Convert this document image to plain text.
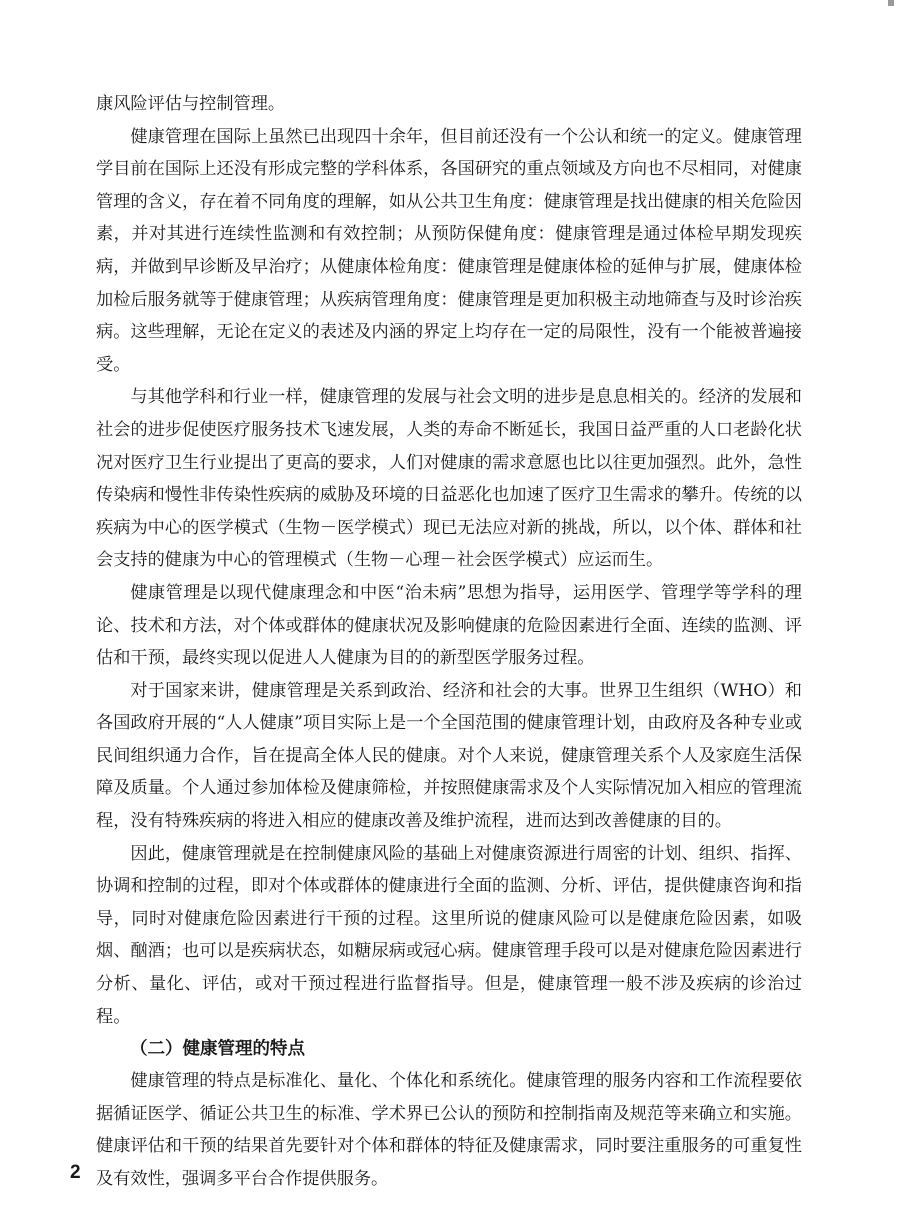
康风险评估与控制管理。

健康管理在国际上虽然已出现四十余年，但目前还没有一个公认和统一的定义。健康管理学目前在国际上还没有形成完整的学科体系，各国研究的重点领域及方向也不尽相同，对健康管理的含义，存在着不同角度的理解，如从公共卫生角度：健康管理是找出健康的相关危险因素，并对其进行连续性监测和有效控制；从预防保健角度：健康管理是通过体检早期发现疾病，并做到早诊断及早治疗；从健康体检角度：健康管理是健康体检的延伸与扩展，健康体检加检后服务就等于健康管理；从疾病管理角度：健康管理是更加积极主动地筛查与及时诊治疾病。这些理解，无论在定义的表述及内涵的界定上均存在一定的局限性，没有一个能被普遍接受。

与其他学科和行业一样，健康管理的发展与社会文明的进步是息息相关的。经济的发展和社会的进步促使医疗服务技术飞速发展，人类的寿命不断延长，我国日益严重的人口老龄化状况对医疗卫生行业提出了更高的要求，人们对健康的需求意愿也比以往更加强烈。此外，急性传染病和慢性非传染性疾病的威胁及环境的日益恶化也加速了医疗卫生需求的攀升。传统的以疾病为中心的医学模式（生物－医学模式）现已无法应对新的挑战，所以，以个体、群体和社会支持的健康为中心的管理模式（生物－心理－社会医学模式）应运而生。

健康管理是以现代健康理念和中医“治未病”思想为指导，运用医学、管理学等学科的理论、技术和方法，对个体或群体的健康状况及影响健康的危险因素进行全面、连续的监测、评估和干预，最终实现以促进人人健康为目的的新型医学服务过程。

对于国家来讲，健康管理是关系到政治、经济和社会的大事。世界卫生组织（WHO）和各国政府开展的“人人健康”项目实际上是一个全国范围的健康管理计划，由政府及各种专业或民间组织通力合作，旨在提高全体人民的健康。对个人来说，健康管理关系个人及家庭生活保障及质量。个人通过参加体检及健康筛检，并按照健康需求及个人实际情况加入相应的管理流程，没有特殊疾病的将进入相应的健康改善及维护流程，进而达到改善健康的目的。

因此，健康管理就是在控制健康风险的基础上对健康资源进行周密的计划、组织、指挥、协调和控制的过程，即对个体或群体的健康进行全面的监测、分析、评估，提供健康咨询和指导，同时对健康危险因素进行干预的过程。这里所说的健康风险可以是健康危险因素，如吸烟、酗酒；也可以是疾病状态，如糖尿病或冠心病。健康管理手段可以是对健康危险因素进行分析、量化、评估，或对干预过程进行监督指导。但是，健康管理一般不涉及疾病的诊治过程。

（二）健康管理的特点

健康管理的特点是标准化、量化、个体化和系统化。健康管理的服务内容和工作流程要依据循证医学、循证公共卫生的标准、学术界已公认的预防和控制指南及规范等来确立和实施。健康评估和干预的结果首先要针对个体和群体的特征及健康需求，同时要注重服务的可重复性及有效性，强调多平台合作提供服务。

2
